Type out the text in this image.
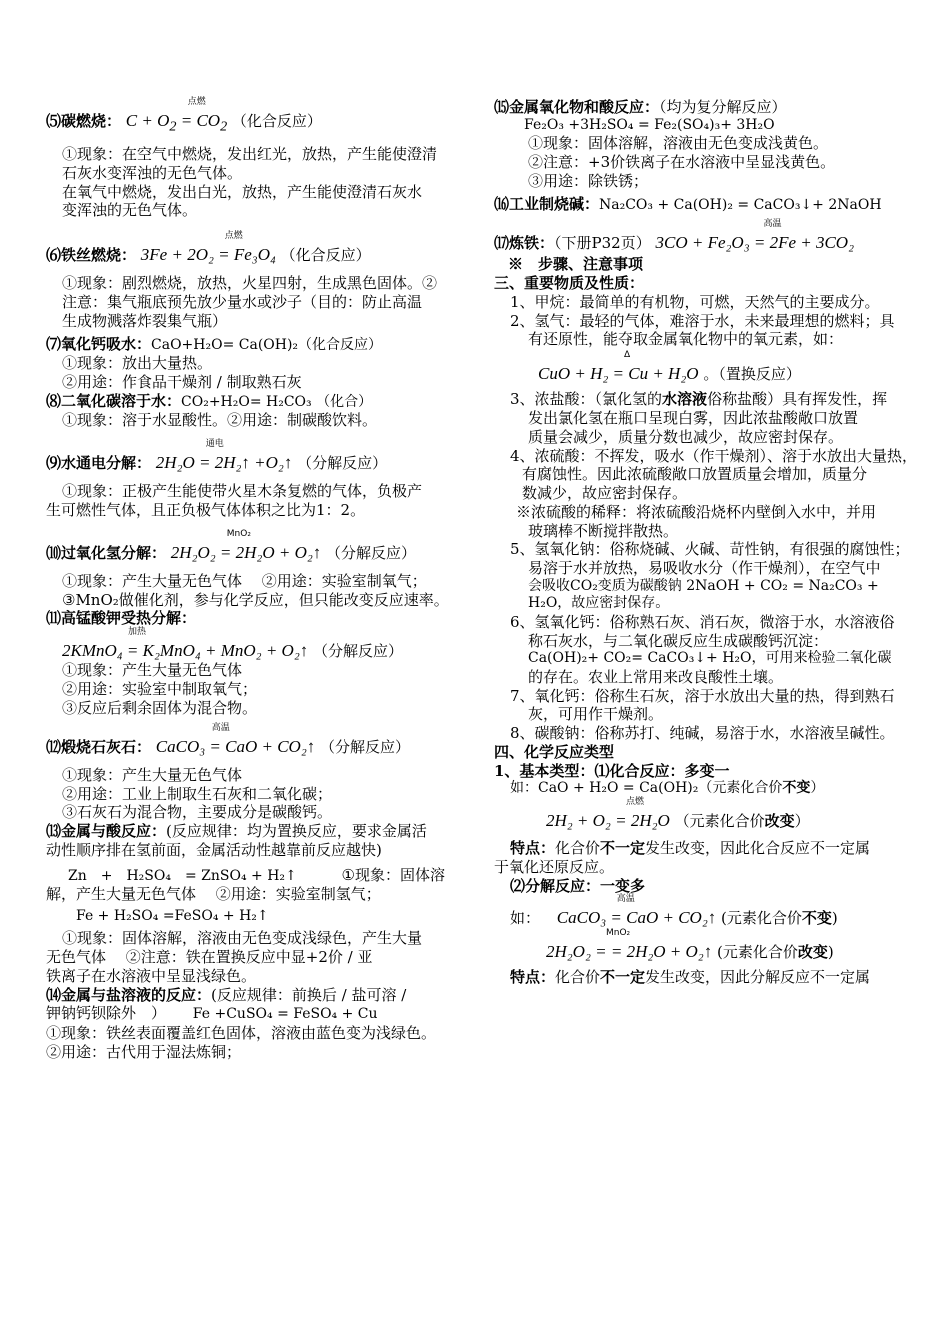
⑸碳燃烧：
点燃
$C + O_2 = CO_2$ （化合反应）

①现象：在空气中燃烧，发出红光，放热，产生能使澄清

石灰水变浑浊的无色气体。

在氧气中燃烧，发出白光，放热，产生能使澄清石灰水

变浑浊的无色气体。

⑹铁丝燃烧：
点燃
3Fe + 2O₂ = Fe₃O₄ （化合反应）

①现象：剧烈燃烧，放热，火星四射，生成黑色固体。②

注意：集气瓶底预先放少量水或沙子（目的：防止高温

生成物溅落炸裂集气瓶）

⑺氧化钙吸水：CaO+H₂O= Ca(OH)₂（化合反应）

①现象：放出大量热。

②用途：作食品干燥剂 / 制取熟石灰

⑻二氧化碳溶于水：CO₂+H₂O= H₂CO₃ （化合）

①现象：溶于水显酸性。②用途：制碳酸饮料。

⑼水通电分解：
通电
2H₂O = 2H₂↑ +O₂↑ （分解反应）

①现象：正极产生能使带火星木条复燃的气体，负极产

生可燃性气体，且正负极气体体积之比为1：2。

⑽过氧化氢分解：
MnO₂
2H₂O₂ = 2H₂O + O₂↑ （分解反应）

①现象：产生大量无色气体　 ②用途：实验室制氧气；

③MnO₂做催化剂，参与化学反应，但只能改变反应速率。

⑾高锰酸钾受热分解：

加热
2KMnO₄ = K₂MnO₄ + MnO₂ + O₂↑ （分解反应）

①现象：产生大量无色气体

②用途：实验室中制取氧气；

③反应后剩余固体为混合物。

⑿煅烧石灰石：
高温
CaCO₃ = CaO + CO₂↑ （分解反应）

①现象：产生大量无色气体

②用途：工业上制取生石灰和二氧化碳；

③石灰石为混合物，主要成分是碳酸钙。

⒀金属与酸反应：(反应规律：均为置换反应，要求金属活

动性顺序排在氢前面，金属活动性越靠前反应越快)

Zn　+　H₂SO₄　= ZnSO₄ + H₂↑	①现象：固体溶

解，产生大量无色气体　 ②用途：实验室制氢气；

Fe + H₂SO₄ =FeSO₄ + H₂↑

①现象：固体溶解，溶液由无色变成浅绿色，产生大量

无色气体　 ②注意：铁在置换反应中显+2价 / 亚

铁离子在水溶液中呈显浅绿色。

⒁金属与盐溶液的反应：(反应规律：前换后 / 盐可溶 /

钾钠钙钡除外　） Fe +CuSO₄ = FeSO₄ + Cu

①现象：铁丝表面覆盖红色固体，溶液由蓝色变为浅绿色。

②用途：古代用于湿法炼铜；

⒂金属氧化物和酸反应：（均为复分解反应）

Fe₂O₃ +3H₂SO₄ = Fe₂(SO₄)₃+ 3H₂O

①现象：固体溶解，溶液由无色变成浅黄色。

②注意：+3价铁离子在水溶液中呈显浅黄色。

③用途：除铁锈；

⒃工业制烧碱：Na₂CO₃ + Ca(OH)₂ = CaCO₃↓+ 2NaOH

⒄炼铁：（下册P32页）
高温
3CO + Fe₂O₃ = 2Fe + 3CO₂

※　步骤、注意事项

三、重要物质及性质：

1、甲烷：最简单的有机物，可燃，天然气的主要成分。

2、氢气：最轻的气体，难溶于水，未来最理想的燃料；具

有还原性，能夺取金属氧化物中的氧元素，如：

Δ
CuO + H₂ = Cu + H₂O 。（置换反应）

3、浓盐酸：（氯化氢的水溶液俗称盐酸）具有挥发性，挥

发出氯化氢在瓶口呈现白雾，因此浓盐酸敞口放置

质量会减少，质量分数也减少，故应密封保存。

4、浓硫酸：不挥发，吸水（作干燥剂）、溶于水放出大量热，

有腐蚀性。因此浓硫酸敞口放置质量会增加，质量分

数减少，故应密封保存。

※浓硫酸的稀释：将浓硫酸沿烧杯内壁倒入水中，并用

玻璃棒不断搅拌散热。

5、氢氧化钠：俗称烧碱、火碱、苛性钠，有很强的腐蚀性；

易溶于水并放热，易吸收水分（作干燥剂），在空气中

会吸收CO₂变质为碳酸钠 2NaOH + CO₂ = Na₂CO₃ +

H₂O，故应密封保存。

6、氢氧化钙：俗称熟石灰、消石灰，微溶于水，水溶液俗

称石灰水，与二氧化碳反应生成碳酸钙沉淀：

Ca(OH)₂+ CO₂= CaCO₃↓+ H₂O，可用来检验二氧化碳

的存在。农业上常用来改良酸性土壤。

7、氧化钙：俗称生石灰，溶于水放出大量的热，得到熟石

灰，可用作干燥剂。

8、碳酸钠：俗称苏打、纯碱，易溶于水，水溶液呈碱性。

四、化学反应类型

1、基本类型：⑴化合反应：多变一

如：CaO + H₂O = Ca(OH)₂（元素化合价不变）

点燃
2H₂ + O₂ = 2H₂O （元素化合价改变）

特点：化合价不一定发生改变，因此化合反应不一定属

于氧化还原反应。

⑵分解反应：一变多

如：
高温
CaCO₃ = CaO + CO₂↑ (元素化合价不变)

MnO₂
2H₂O₂ = = 2H₂O + O₂↑ (元素化合价改变)

特点：化合价不一定发生改变，因此分解反应不一定属
